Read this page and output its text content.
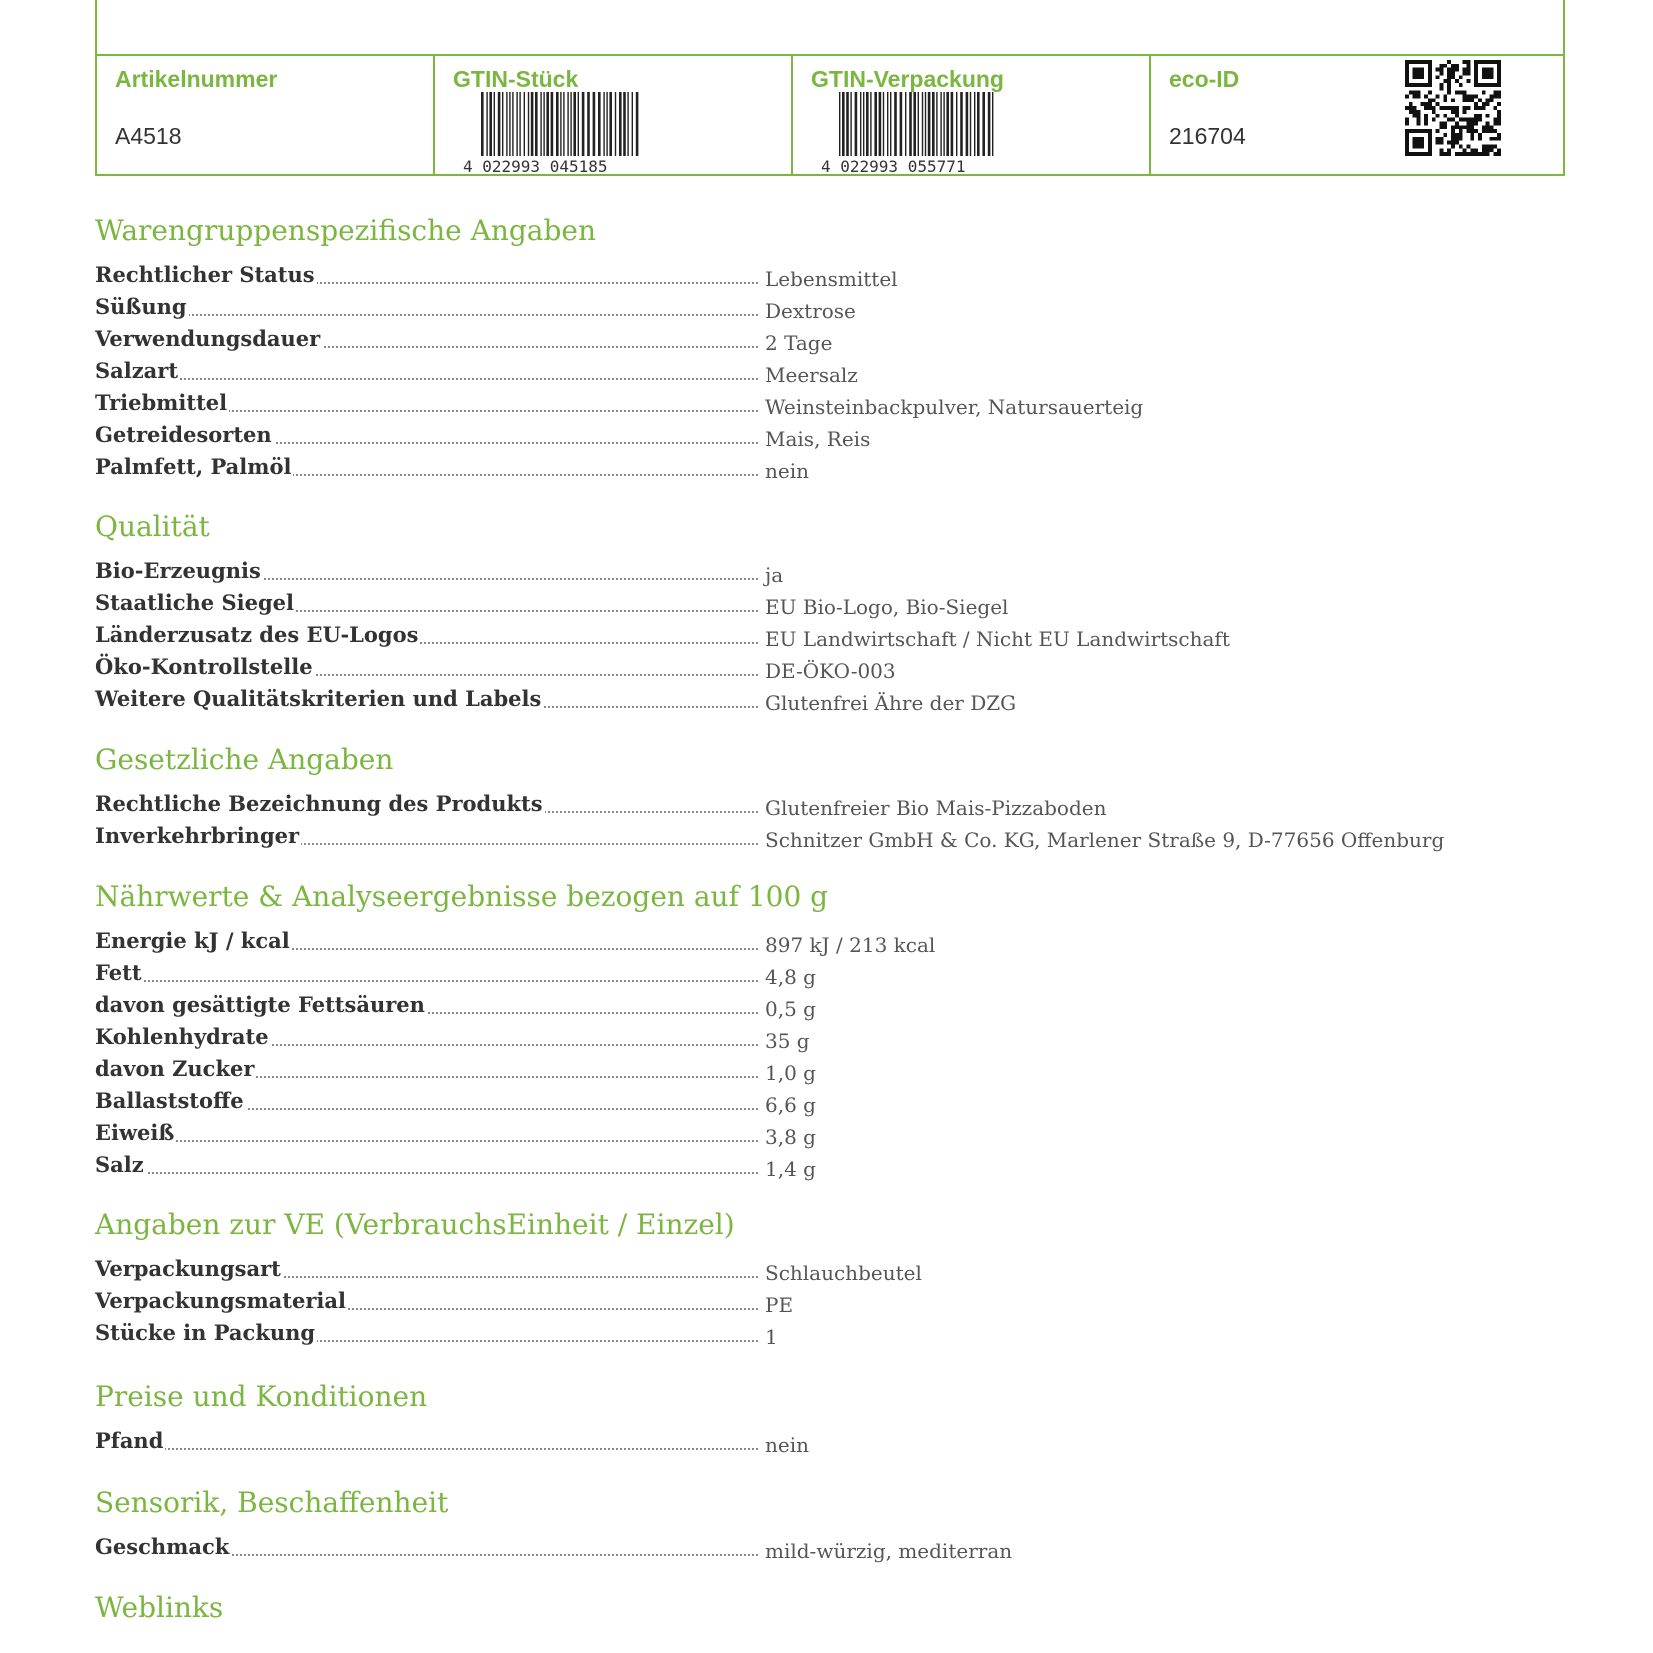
Artikelnummer
A4518
GTIN-Stück
4 022993 045185
GTIN-Verpackung
4 022993 055771
eco-ID
216704
Warengruppenspezifische Angaben
Rechtlicher Status	Lebensmittel
Süßung	Dextrose
Verwendungsdauer	2 Tage
Salzart	Meersalz
Triebmittel	Weinsteinbackpulver, Natursauerteig
Getreidesorten	Mais, Reis
Palmfett, Palmöl	nein
Qualität
Bio-Erzeugnis	ja
Staatliche Siegel	EU Bio-Logo, Bio-Siegel
Länderzusatz des EU-Logos	EU Landwirtschaft / Nicht EU Landwirtschaft
Öko-Kontrollstelle	DE-ÖKO-003
Weitere Qualitätskriterien und Labels	Glutenfrei Ähre der DZG
Gesetzliche Angaben
Rechtliche Bezeichnung des Produkts	Glutenfreier Bio Mais-Pizzaboden
Inverkehrbringer	Schnitzer GmbH & Co. KG, Marlener Straße 9, D-77656 Offenburg
Nährwerte & Analyseergebnisse bezogen auf 100 g
Energie kJ / kcal	897 kJ / 213 kcal
Fett	4,8 g
davon gesättigte Fettsäuren	0,5 g
Kohlenhydrate	35 g
davon Zucker	1,0 g
Ballaststoffe	6,6 g
Eiweiß	3,8 g
Salz	1,4 g
Angaben zur VE (VerbrauchsEinheit / Einzel)
Verpackungsart	Schlauchbeutel
Verpackungsmaterial	PE
Stücke in Packung	1
Preise und Konditionen
Pfand	nein
Sensorik, Beschaffenheit
Geschmack	mild-würzig, mediterran
Weblinks
